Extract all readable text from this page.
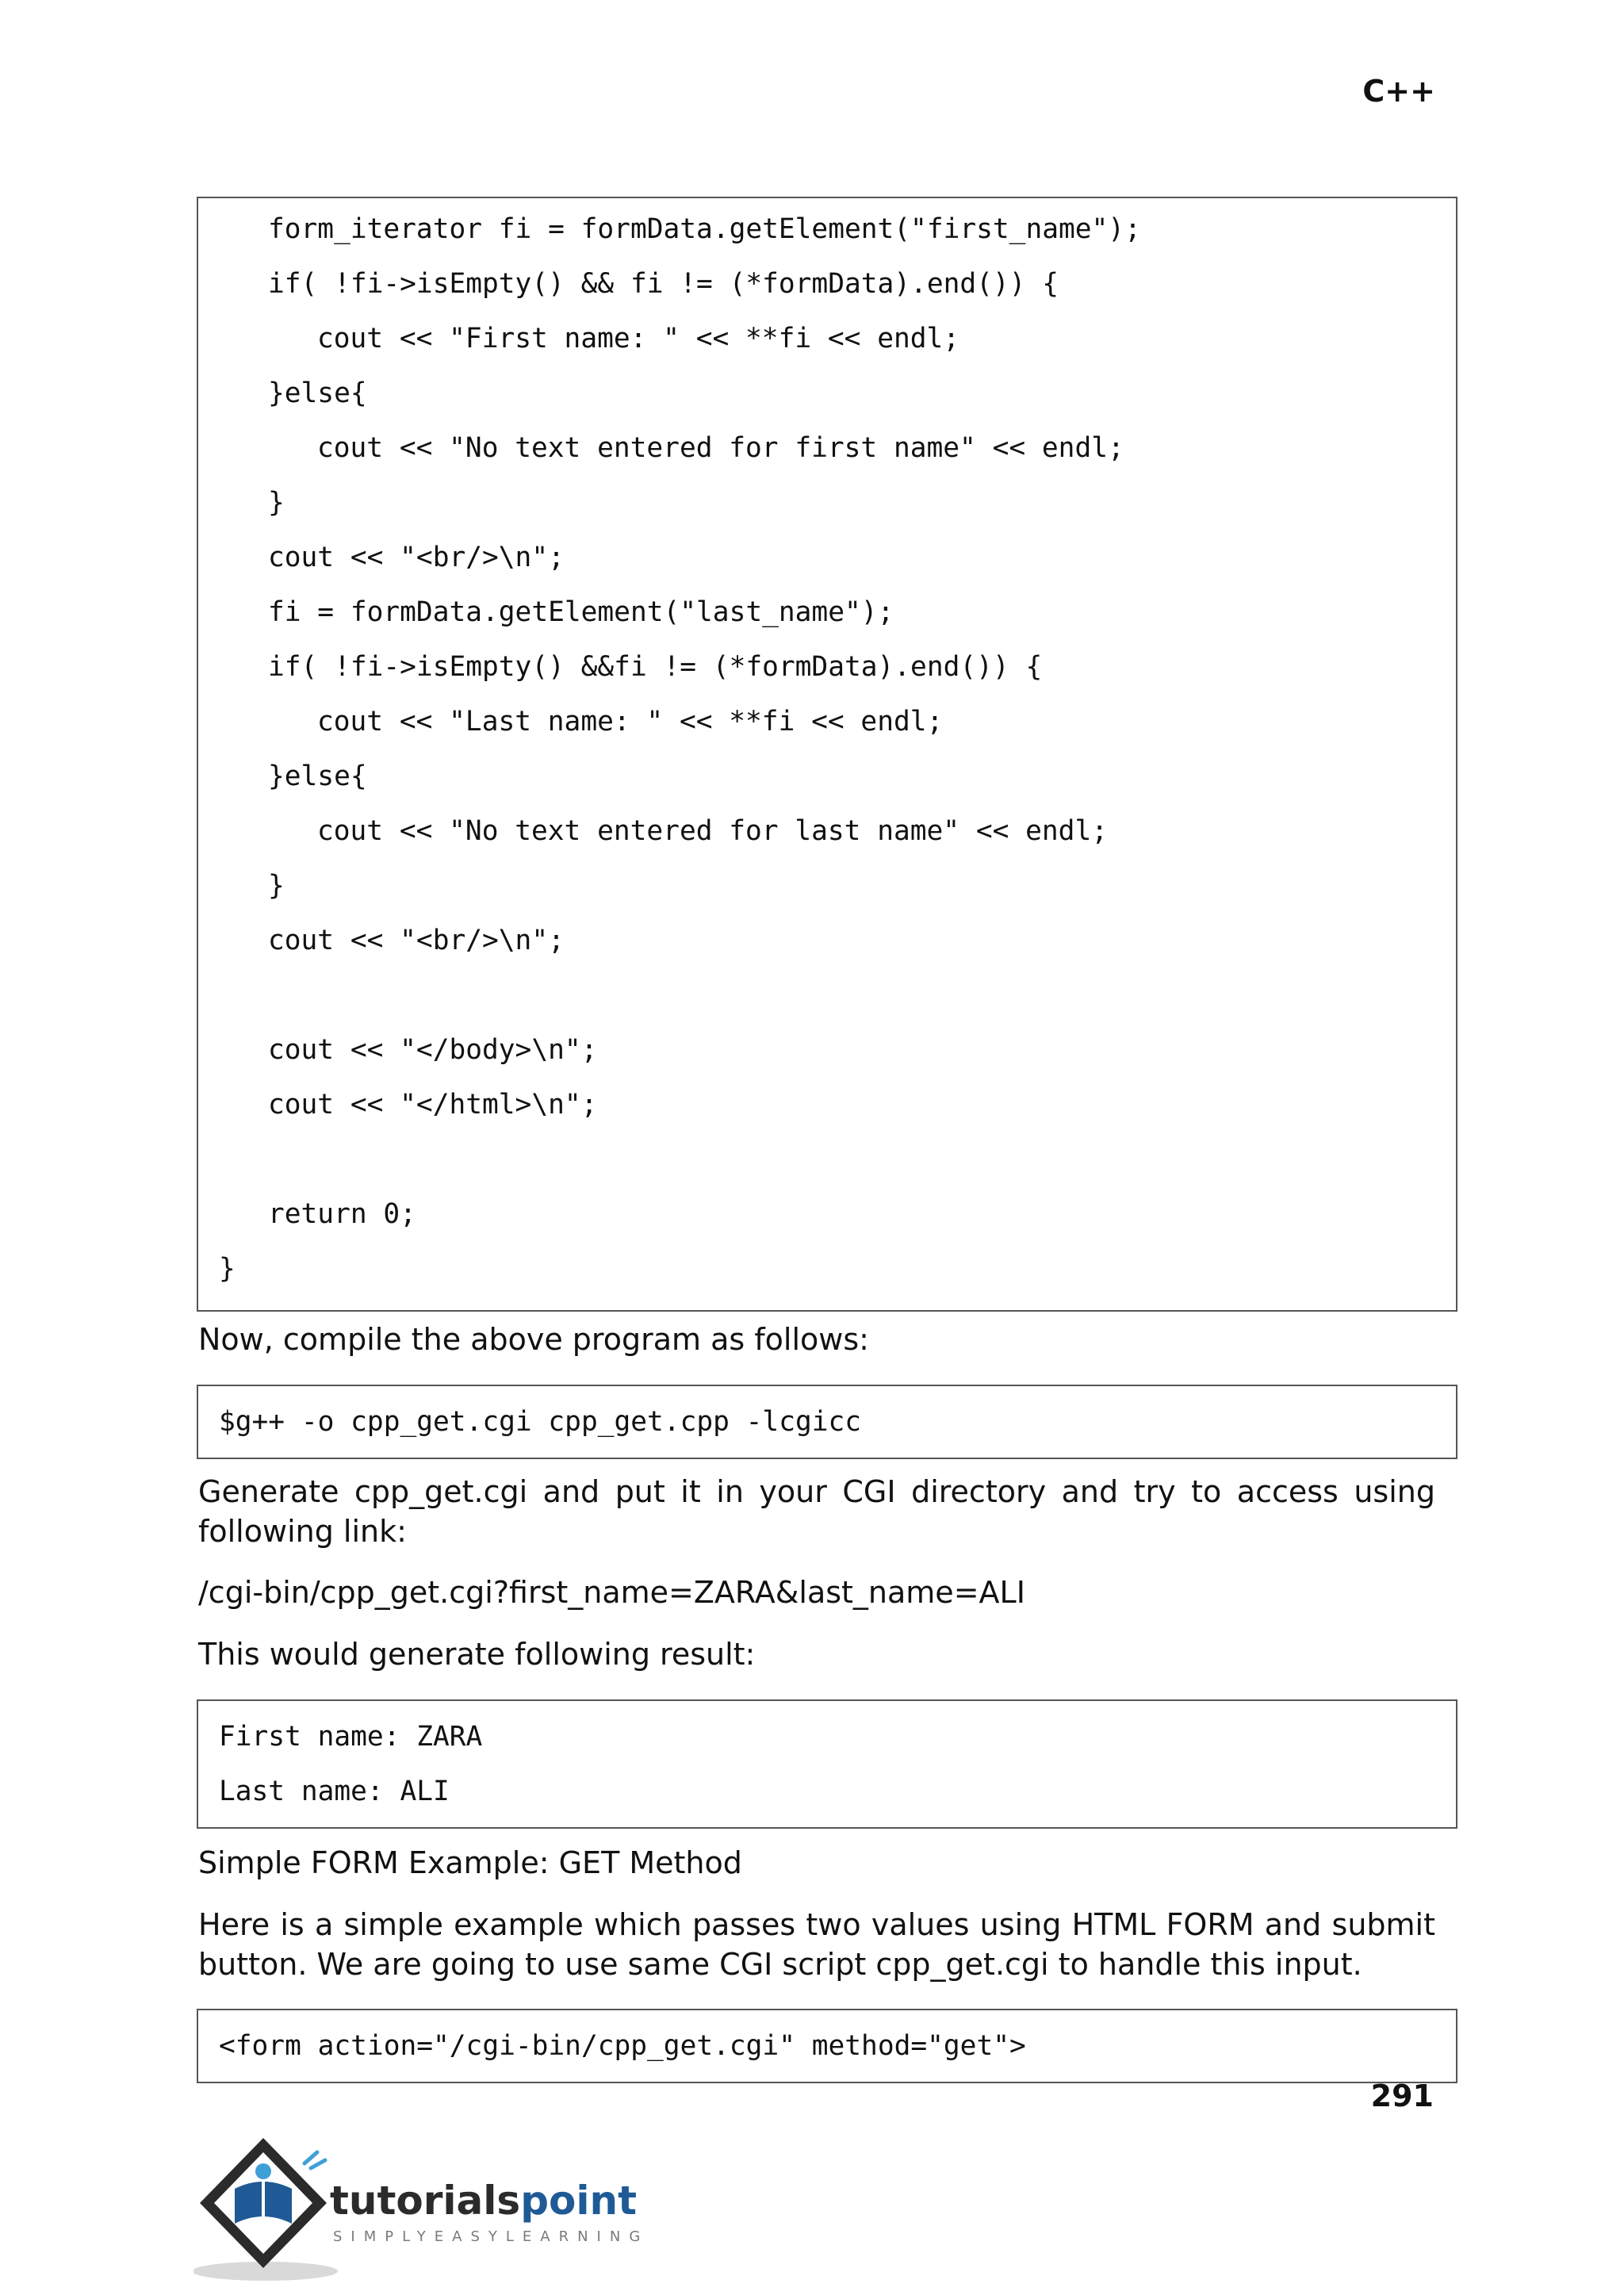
C++
form_iterator fi = formData.getElement("first_name");
if( !fi->isEmpty() && fi != (*formData).end()) {
cout << "First name: " << **fi << endl;
}else{
cout << "No text entered for first name" << endl;
}
cout << "<br/>\n";
fi = formData.getElement("last_name");
if( !fi->isEmpty() &&fi != (*formData).end()) {
cout << "Last name: " << **fi << endl;
}else{
cout << "No text entered for last name" << endl;
}
cout << "<br/>\n";
cout << "</body>\n";
cout << "</html>\n";
return 0;
}

Now, compile the above program as follows:

$g++ -o cpp_get.cgi cpp_get.cpp -lcgicc

Generate cpp_get.cgi and put it in your CGI directory and try to access using following link:

/cgi-bin/cpp_get.cgi?first_name=ZARA&last_name=ALI

This would generate following result:

First name: ZARA
Last name: ALI

Simple FORM Example: GET Method

Here is a simple example which passes two values using HTML FORM and submit button. We are going to use same CGI script cpp_get.cgi to handle this input.

<form action="/cgi-bin/cpp_get.cgi" method="get">

291

tutorialspoint
SIMPLYEASYLEARNING
